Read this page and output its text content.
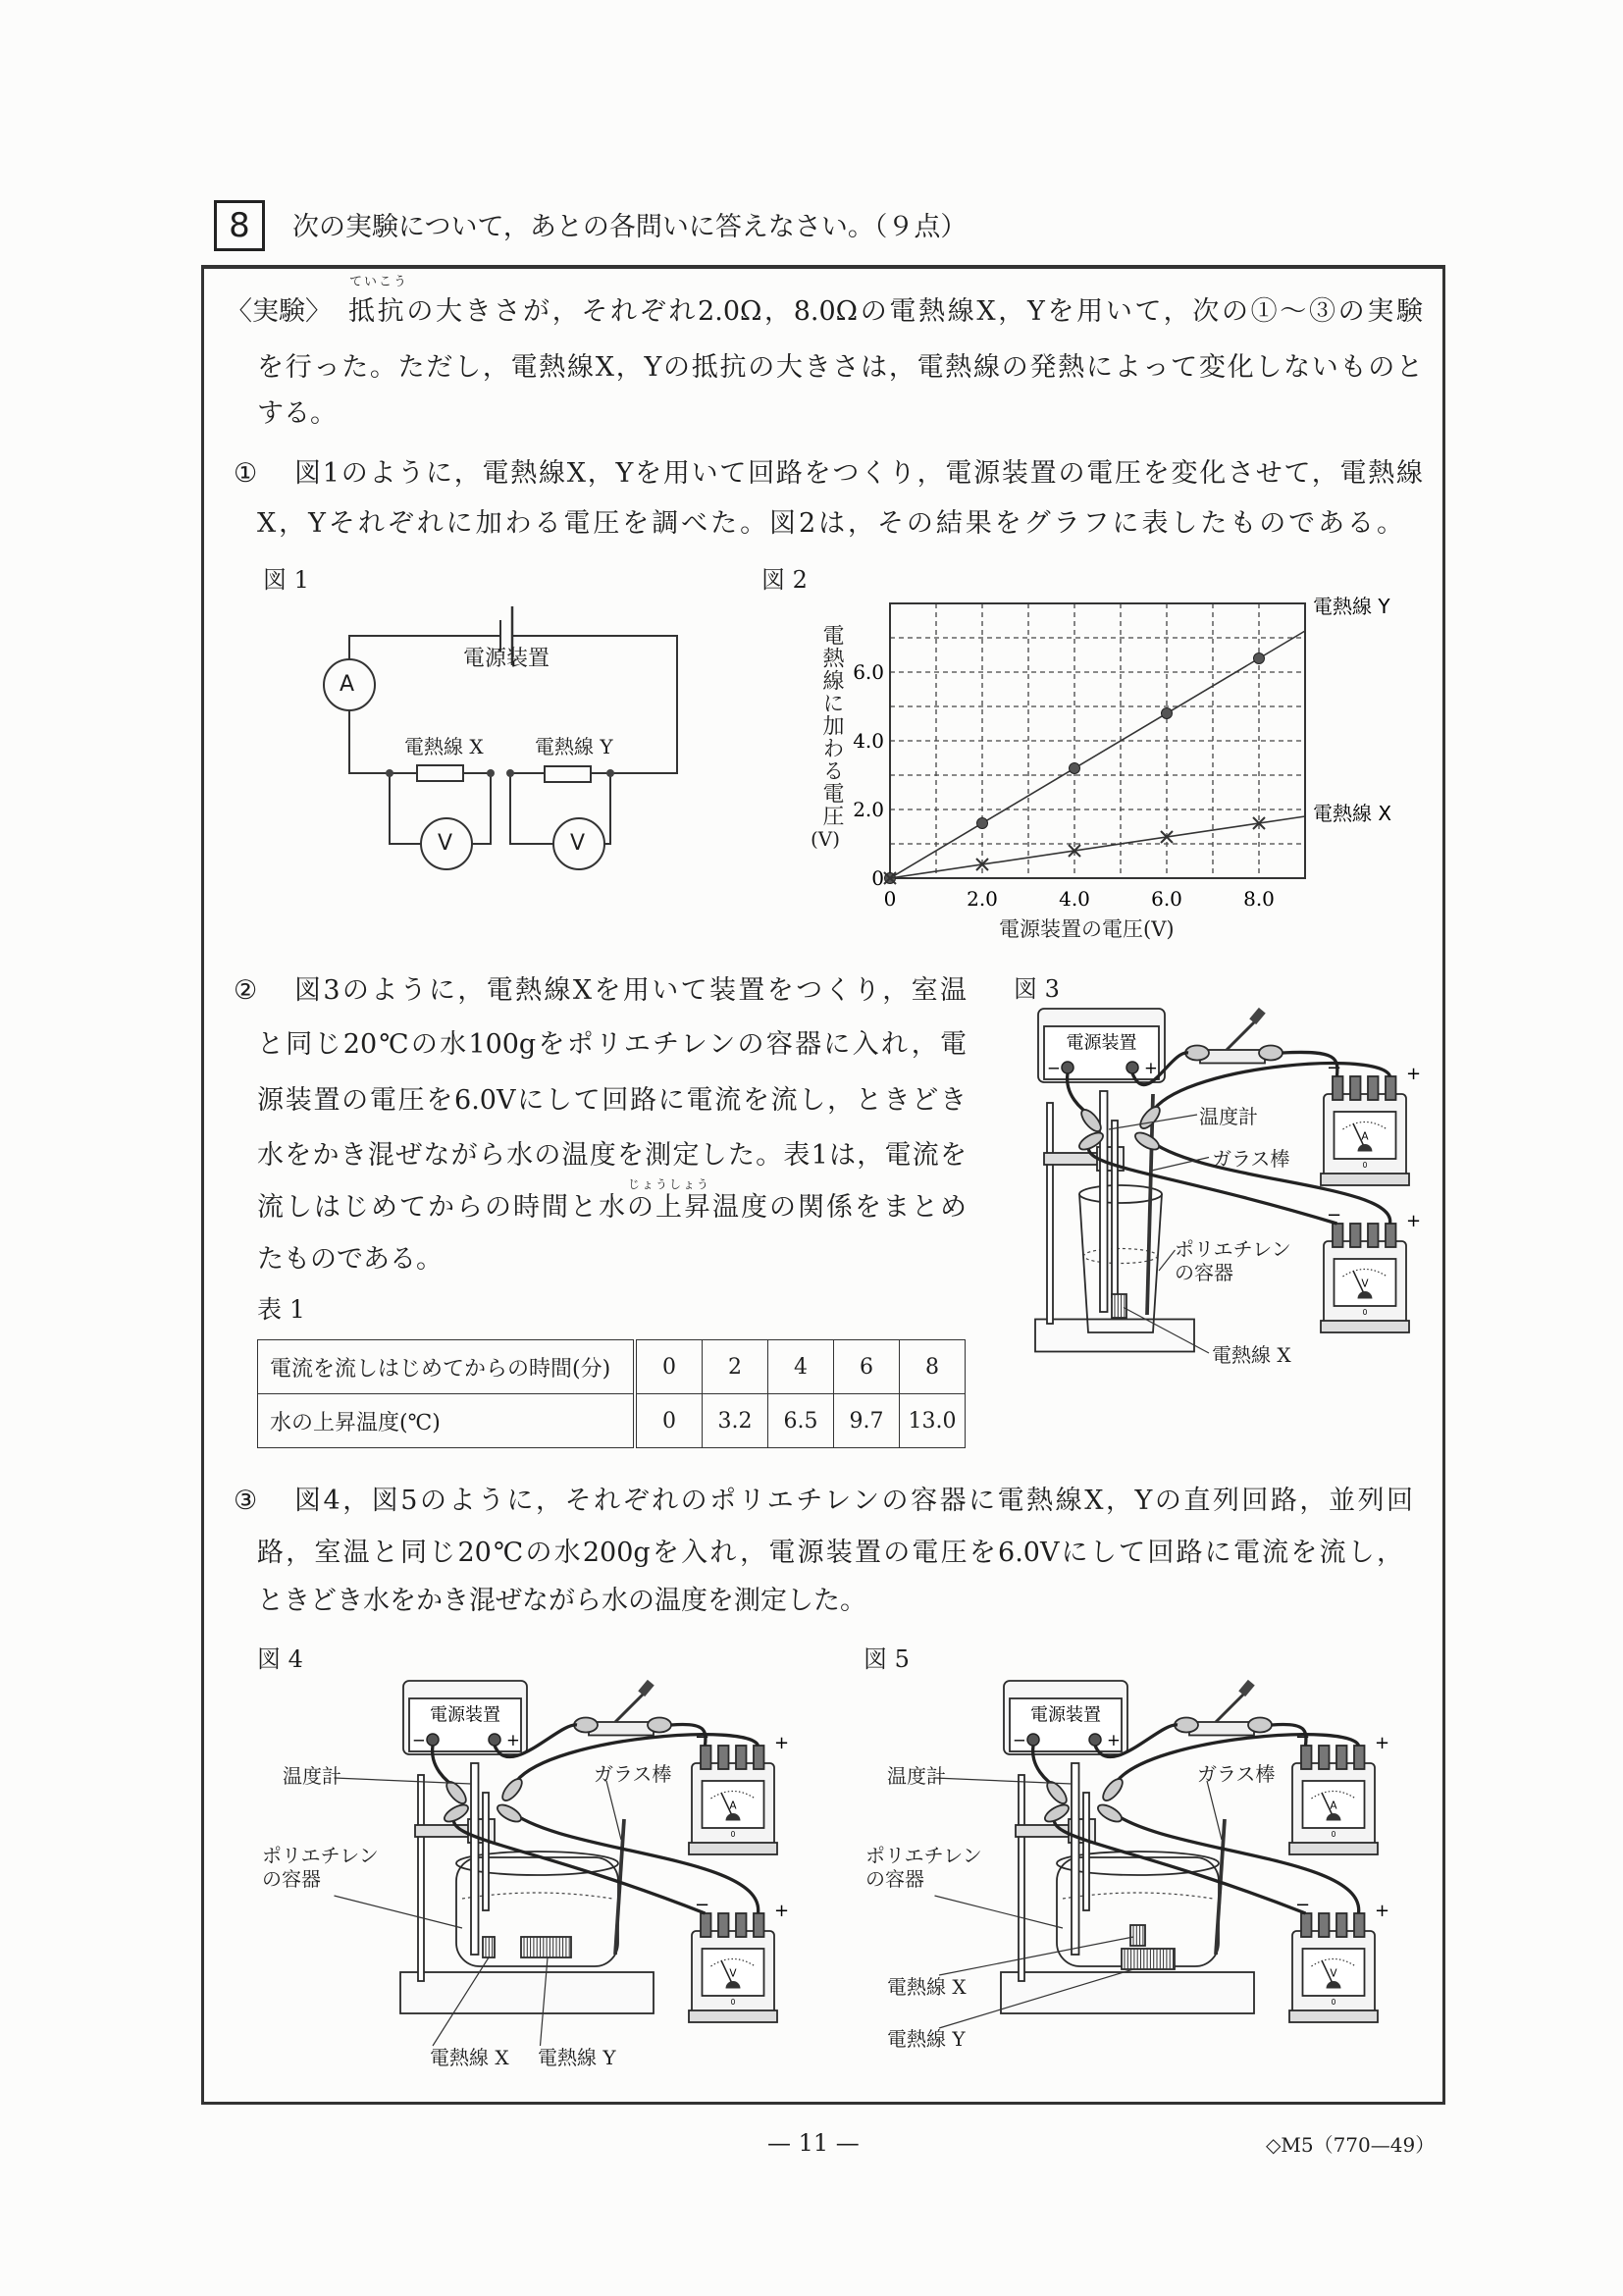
8	次の実験について，あとの各問いに答えなさい。（９点）
ていこう
〈実験〉 抵抗の大きさが，それぞれ2.0Ω，8.0Ωの電熱線X，Yを用いて，次の①～③の実験
を行った。ただし，電熱線X，Yの抵抗の大きさは，電熱線の発熱によって変化しないものと
する。
① 図1のように，電熱線X，Yを用いて回路をつくり，電源装置の電圧を変化させて，電熱線
X，Yそれぞれに加わる電圧を調べた。図2は，その結果をグラフに表したものである。
図 1
電源装置
A
V	V
電熱線 X	電熱線 Y
図 2
電熱線に加わる電圧
(V)
電源装置の電圧(V)
0	2.0	4.0	6.0	8.0
0
2.0
4.0
6.0
電熱線 Y
電熱線 X
② 図3のように，電熱線Xを用いて装置をつくり，室温
と同じ20℃の水100gをポリエチレンの容器に入れ，電
源装置の電圧を6.0Vにして回路に電流を流し，ときどき
水をかき混ぜながら水の温度を測定した。表1は，電流を
じょうしょう
流しはじめてからの時間と水の上昇温度の関係をまとめ
たものである。
表 1
電流を流しはじめてからの時間(分)	0	2	4	6	8
水の上昇温度(℃)	0	3.2	6.5	9.7	13.0
図 3
電源装置
−	+
A
0
−	+
V
0
−	+
温度計
ガラス棒
ポリエチレン
の容器
電熱線 X
③ 図4，図5のように，それぞれのポリエチレンの容器に電熱線X，Yの直列回路，並列回
路，室温と同じ20℃の水200gを入れ，電源装置の電圧を6.0Vにして回路に電流を流し，
ときどき水をかき混ぜながら水の温度を測定した。
図 4
電源装置
−	+
A
0
−	+
V
0
−	+
温度計
ポリエチレン
の容器
ガラス棒
電熱線 X 電熱線 Y
図 5
電源装置
−	+
A
0
−	+
V
0
−	+
温度計
ポリエチレン
の容器
ガラス棒
電熱線 X
電熱線 Y
— 11 —	◇M5（770—49）
